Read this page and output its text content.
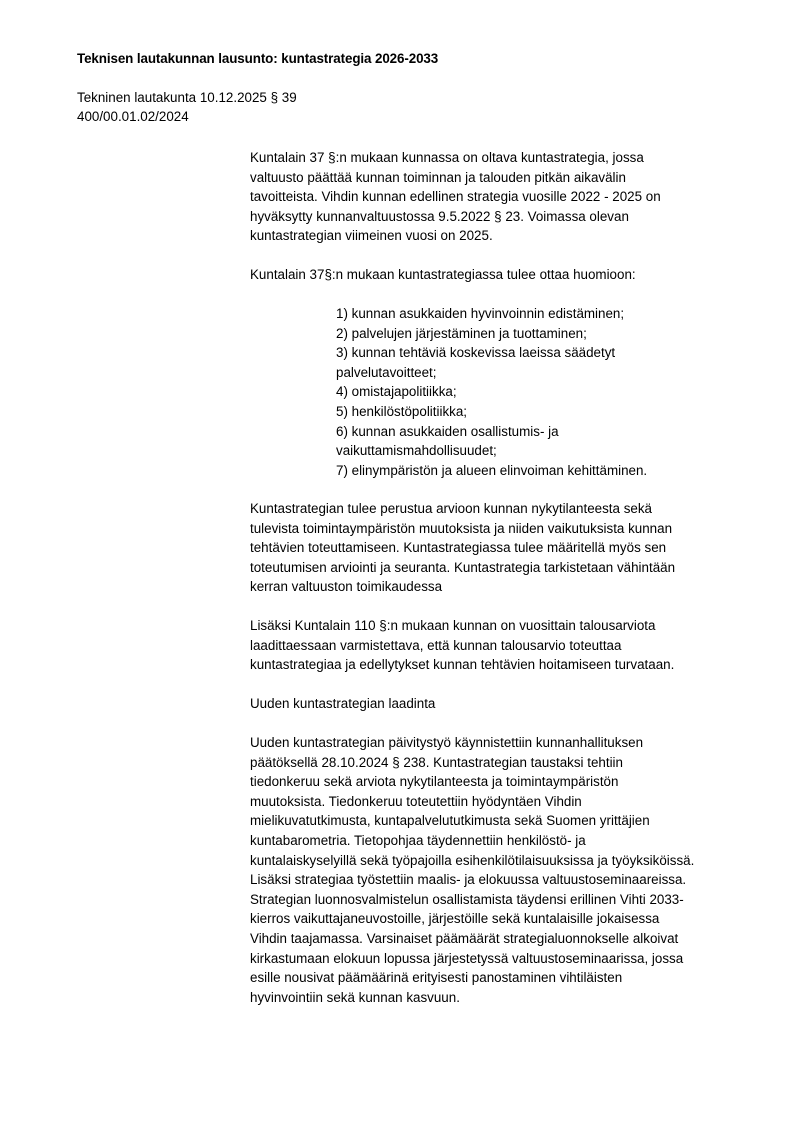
Teknisen lautakunnan lausunto: kuntastrategia 2026-2033
Tekninen lautakunta 10.12.2025 § 39
400/00.01.02/2024
Kuntalain 37 §:n mukaan kunnassa on oltava kuntastrategia, jossa
valtuusto päättää kunnan toiminnan ja talouden pitkän aikavälin
tavoitteista. Vihdin kunnan edellinen strategia vuosille 2022 - 2025 on
hyväksytty kunnanvaltuustossa 9.5.2022 § 23. Voimassa olevan
kuntastrategian viimeinen vuosi on 2025.
Kuntalain 37§:n mukaan kuntastrategiassa tulee ottaa huomioon:
1) kunnan asukkaiden hyvinvoinnin edistäminen;
2) palvelujen järjestäminen ja tuottaminen;
3) kunnan tehtäviä koskevissa laeissa säädetyt
palvelutavoitteet;
4) omistajapolitiikka;
5) henkilöstöpolitiikka;
6) kunnan asukkaiden osallistumis- ja
vaikuttamismahdollisuudet;
7) elinympäristön ja alueen elinvoiman kehittäminen.
Kuntastrategian tulee perustua arvioon kunnan nykytilanteesta sekä
tulevista toimintaympäristön muutoksista ja niiden vaikutuksista kunnan
tehtävien toteuttamiseen. Kuntastrategiassa tulee määritellä myös sen
toteutumisen arviointi ja seuranta. Kuntastrategia tarkistetaan vähintään
kerran valtuuston toimikaudessa
Lisäksi Kuntalain 110 §:n mukaan kunnan on vuosittain talousarviota
laadittaessaan varmistettava, että kunnan talousarvio toteuttaa
kuntastrategiaa ja edellytykset kunnan tehtävien hoitamiseen turvataan.
Uuden kuntastrategian laadinta
Uuden kuntastrategian päivitystyö käynnistettiin kunnanhallituksen
päätöksellä 28.10.2024 § 238. Kuntastrategian taustaksi tehtiin
tiedonkeruu sekä arviota nykytilanteesta ja toimintaympäristön
muutoksista. Tiedonkeruu toteutettiin hyödyntäen Vihdin
mielikuvatutkimusta, kuntapalvelututkimusta sekä Suomen yrittäjien
kuntabarometria. Tietopohjaa täydennettiin henkilöstö- ja
kuntalaiskyselyillä sekä työpajoilla esihenkilötilaisuuksissa ja työyksiköissä.
Lisäksi strategiaa työstettiin maalis- ja elokuussa valtuustoseminaareissa.
Strategian luonnosvalmistelun osallistamista täydensi erillinen Vihti 2033-
kierros vaikuttajaneuvostoille, järjestöille sekä kuntalaisille jokaisessa
Vihdin taajamassa. Varsinaiset päämäärät strategialuonnokselle alkoivat
kirkastumaan elokuun lopussa järjestetyssä valtuustoseminaarissa, jossa
esille nousivat päämäärinä erityisesti panostaminen vihtiläisten
hyvinvointiin sekä kunnan kasvuun.
